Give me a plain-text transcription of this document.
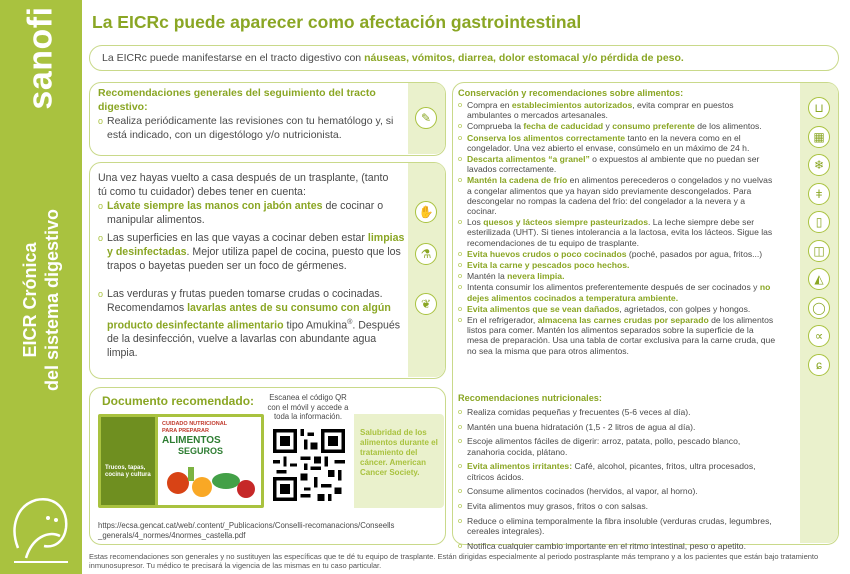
sanofi
EICR Crónica del sistema digestivo
La EICRc puede aparecer como afectación gastrointestinal
La EICRc puede manifestarse en el tracto digestivo con náuseas, vómitos, diarrea, dolor estomacal y/o pérdida de peso.
Recomendaciones generales del seguimiento del tracto digestivo:
o Realiza periódicamente las revisiones con tu hematólogo y, si está indicado, con un digestólogo y/o nutricionista.
✎
Una vez hayas vuelto a casa después de un trasplante, (tanto tú como tu cuidador) debes tener en cuenta:
o Lávate siempre las manos con jabón antes de cocinar o manipular alimentos.
o Las superficies en las que vayas a cocinar deben estar limpias y desinfectadas. Mejor utiliza papel de cocina, puesto que los trapos o bayetas pueden ser un foco de gérmenes.
o Las verduras y frutas pueden tomarse crudas o cocinadas. Recomendamos lavarlas antes de su consumo con algún producto desinfectante alimentario tipo Amukina®. Después de la desinfección, vuelve a lavarlas con abundante agua limpia.
✋
⚗
❦
Documento recomendado:	Escanea el código QR con el móvil y accede a toda la información.
Trucos, tapas, cocina y cultura
CUIDADO NUTRICIONAL
PARA PREPARAR
ALIMENTOS
SEGUROS
Salubridad de los alimentos durante el tratamiento del cáncer. American Cancer Society.
https://ecsa.gencat.cat/web/.content/_Publicacions/Conselli-recomanacions/Conseells_generals/4_normes/4normes_castella.pdf
Conservación y recomendaciones sobre alimentos:
o Compra en establecimientos autorizados, evita comprar en puestos ambulantes o mercados artesanales.
o Comprueba la fecha de caducidad y consumo preferente de los alimentos.
o Conserva los alimentos correctamente tanto en la nevera como en el congelador. Una vez abierto el envase, consúmelo en un máximo de 24 h.
o Descarta alimentos “a granel” o expuestos al ambiente que no puedan ser lavados correctamente.
o Mantén la cadena de frío en alimentos perecederos o congelados y no vuelvas a congelar alimentos que ya hayan sido previamente descongelados. Para descongelar no rompas la cadena del frío: del congelador a la nevera y a cocinar.
o Los quesos y lácteos siempre pasteurizados. La leche siempre debe ser esterilizada (UHT). Si tienes intolerancia a la lactosa, evita los lácteos. Sigue las recomendaciones de tu equipo de trasplante.
o Evita huevos crudos o poco cocinados (poché, pasados por agua, fritos...)
o Evita la carne y pescados poco hechos.
o Mantén la nevera limpia.
o Intenta consumir los alimentos preferentemente después de ser cocinados y no dejes alimentos cocinados a temperatura ambiente.
o Evita alimentos que se vean dañados, agrietados, con golpes y hongos.
o En el refrigerador, almacena las carnes crudas por separado de los alimentos listos para comer. Mantén los alimentos separados sobre la superficie de la mesa de preparación. Usa una tabla de cortar exclusiva para la carne cruda, que no sea la misma que para otros alimentos.
Recomendaciones nutricionales:
o Realiza comidas pequeñas y frecuentes (5-6 veces al día).
o Mantén una buena hidratación (1,5 - 2 litros de agua al día).
o Escoje alimentos fáciles de digerir: arroz, patata, pollo, pescado blanco, zanahoria cocida, plátano.
o Evita alimentos irritantes: Café, alcohol, picantes, fritos, ultra procesados, cítricos ácidos.
o Consume alimentos cocinados (hervidos, al vapor, al horno).
o Evita alimentos muy grasos, fritos o con salsas.
o Reduce o elimina temporalmente la fibra insoluble (verduras crudas, legumbres, cereales integrales).
o Notifica cualquier cambio importante en el ritmo intestinal, peso o apetito.
⊔
▦
❄
ǂ
▯
◫
◭
◯
∝
ɕ
Estas recomendaciones son generales y no sustituyen las específicas que te dé tu equipo de trasplante. Están dirigidas especialmente al periodo postrasplante más temprano y a los pacientes que están bajo tratamiento inmunosupresor. Tu médico te precisará la vigencia de las mismas en tu caso particular.
